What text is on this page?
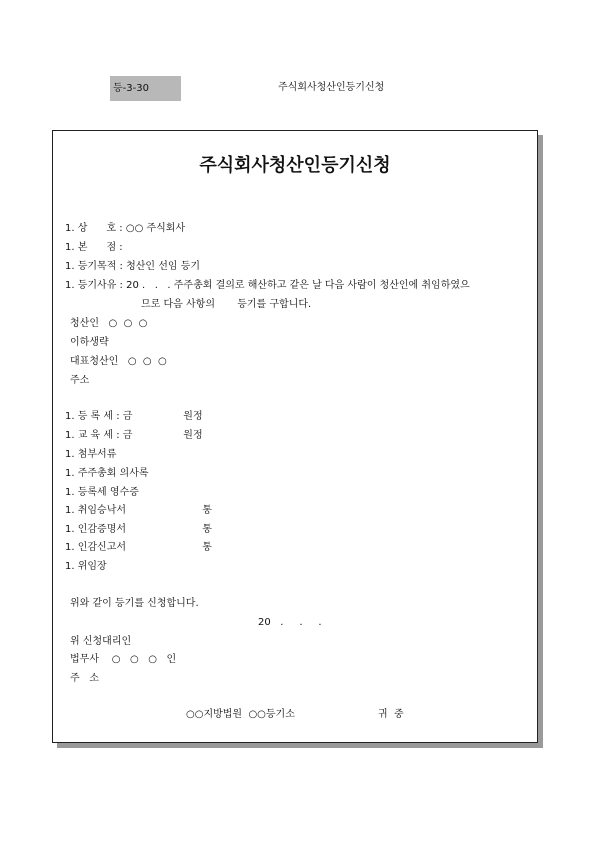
등-3-30	주식회사청산인등기신청
주식회사청산인등기신청
1. 상      호 : ○○ 주식회사
1. 본      점 :
1. 등기목적 : 청산인 선임 등기
1. 등기사유 : 20 .   .   . 주주총회 결의로 해산하고 같은 날 다음 사람이 청산인에 취임하였으
므로 다음 사항의       등기를 구합니다.
청산인   ○  ○  ○
이하생략
대표청산인   ○  ○  ○
주소
1. 등 록 세 : 금                원정
1. 교 육 세 : 금                원정
1. 첨부서류
1. 주주총회 의사록
1. 등록세 영수증
1. 취임승낙서                        통
1. 인감증명서                        통
1. 인감신고서                        통
1. 위임장
위와 같이 등기를 신청합니다.
20   .     .     .
위 신청대리인
법무사    ○   ○   ○   인
주   소
○○지방법원  ○○등기소	귀  중
